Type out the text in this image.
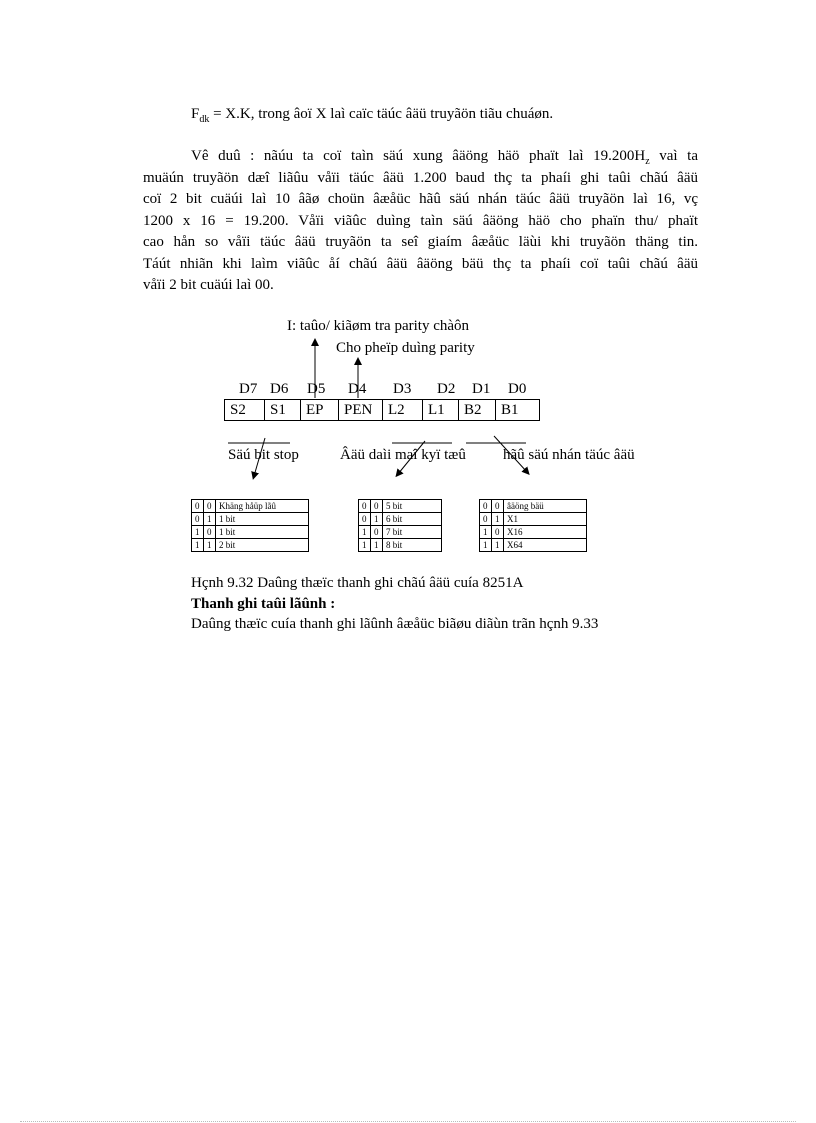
$F_{dk} = X.K$, trong âoï X laì caïc täúc âäü truyãön tiãu chuáøn.
Vê duû : nãúu ta coï taìn säú xung âäöng häö phaït laì $19.200H_z$ vaì ta
muäún truyãön dæî liãûu våïi täúc âäü 1.200 baud thç ta phaíi ghi taûi chãú âäü
coï 2 bit cuäúi laì 10 âãø choün âæåüc hãû säú nhán täúc âäü truyãön laì 16, vç
1200 x 16 = 19.200. Våïi viãûc duìng taìn säú âäöng häö cho phaïn thu/ phaït
cao hån so våïi täúc âäü truyãön ta seî giaím âæåüc läùi khi truyãön thäng tin.
Táút nhiãn khi laìm viãûc åí chãú âäü âäöng bäü thç ta phaíi coï taûi chãú âäü
våïi 2 bit cuäúi laì 00.
I: taûo/ kiãøm tra parity chàôn
Cho pheïp duìng parity
D7 D6 D5 D4 D3 D2 D1 D0
S2	S1	EP	PEN	L2	L1	B2	B1
Säú bit stop	Âäü daìi maî kyï tæû hãû säú nhán täúc âäü
0	0	Khäng håüp lãû
0	1	1 bit
1	0	1 bit
1	1	2 bit
0	0	5 bit
0	1	6 bit
1	0	7 bit
1	1	8 bit
0	0	âäöng bäü
0	1	X1
1	0	X16
1	1	X64
Hçnh 9.32 Daûng thæïc thanh ghi chãú âäü cuía 8251A
Thanh ghi taûi lãûnh :
Daûng thæïc cuía thanh ghi lãûnh âæåüc biãøu diãùn trãn hçnh 9.33
